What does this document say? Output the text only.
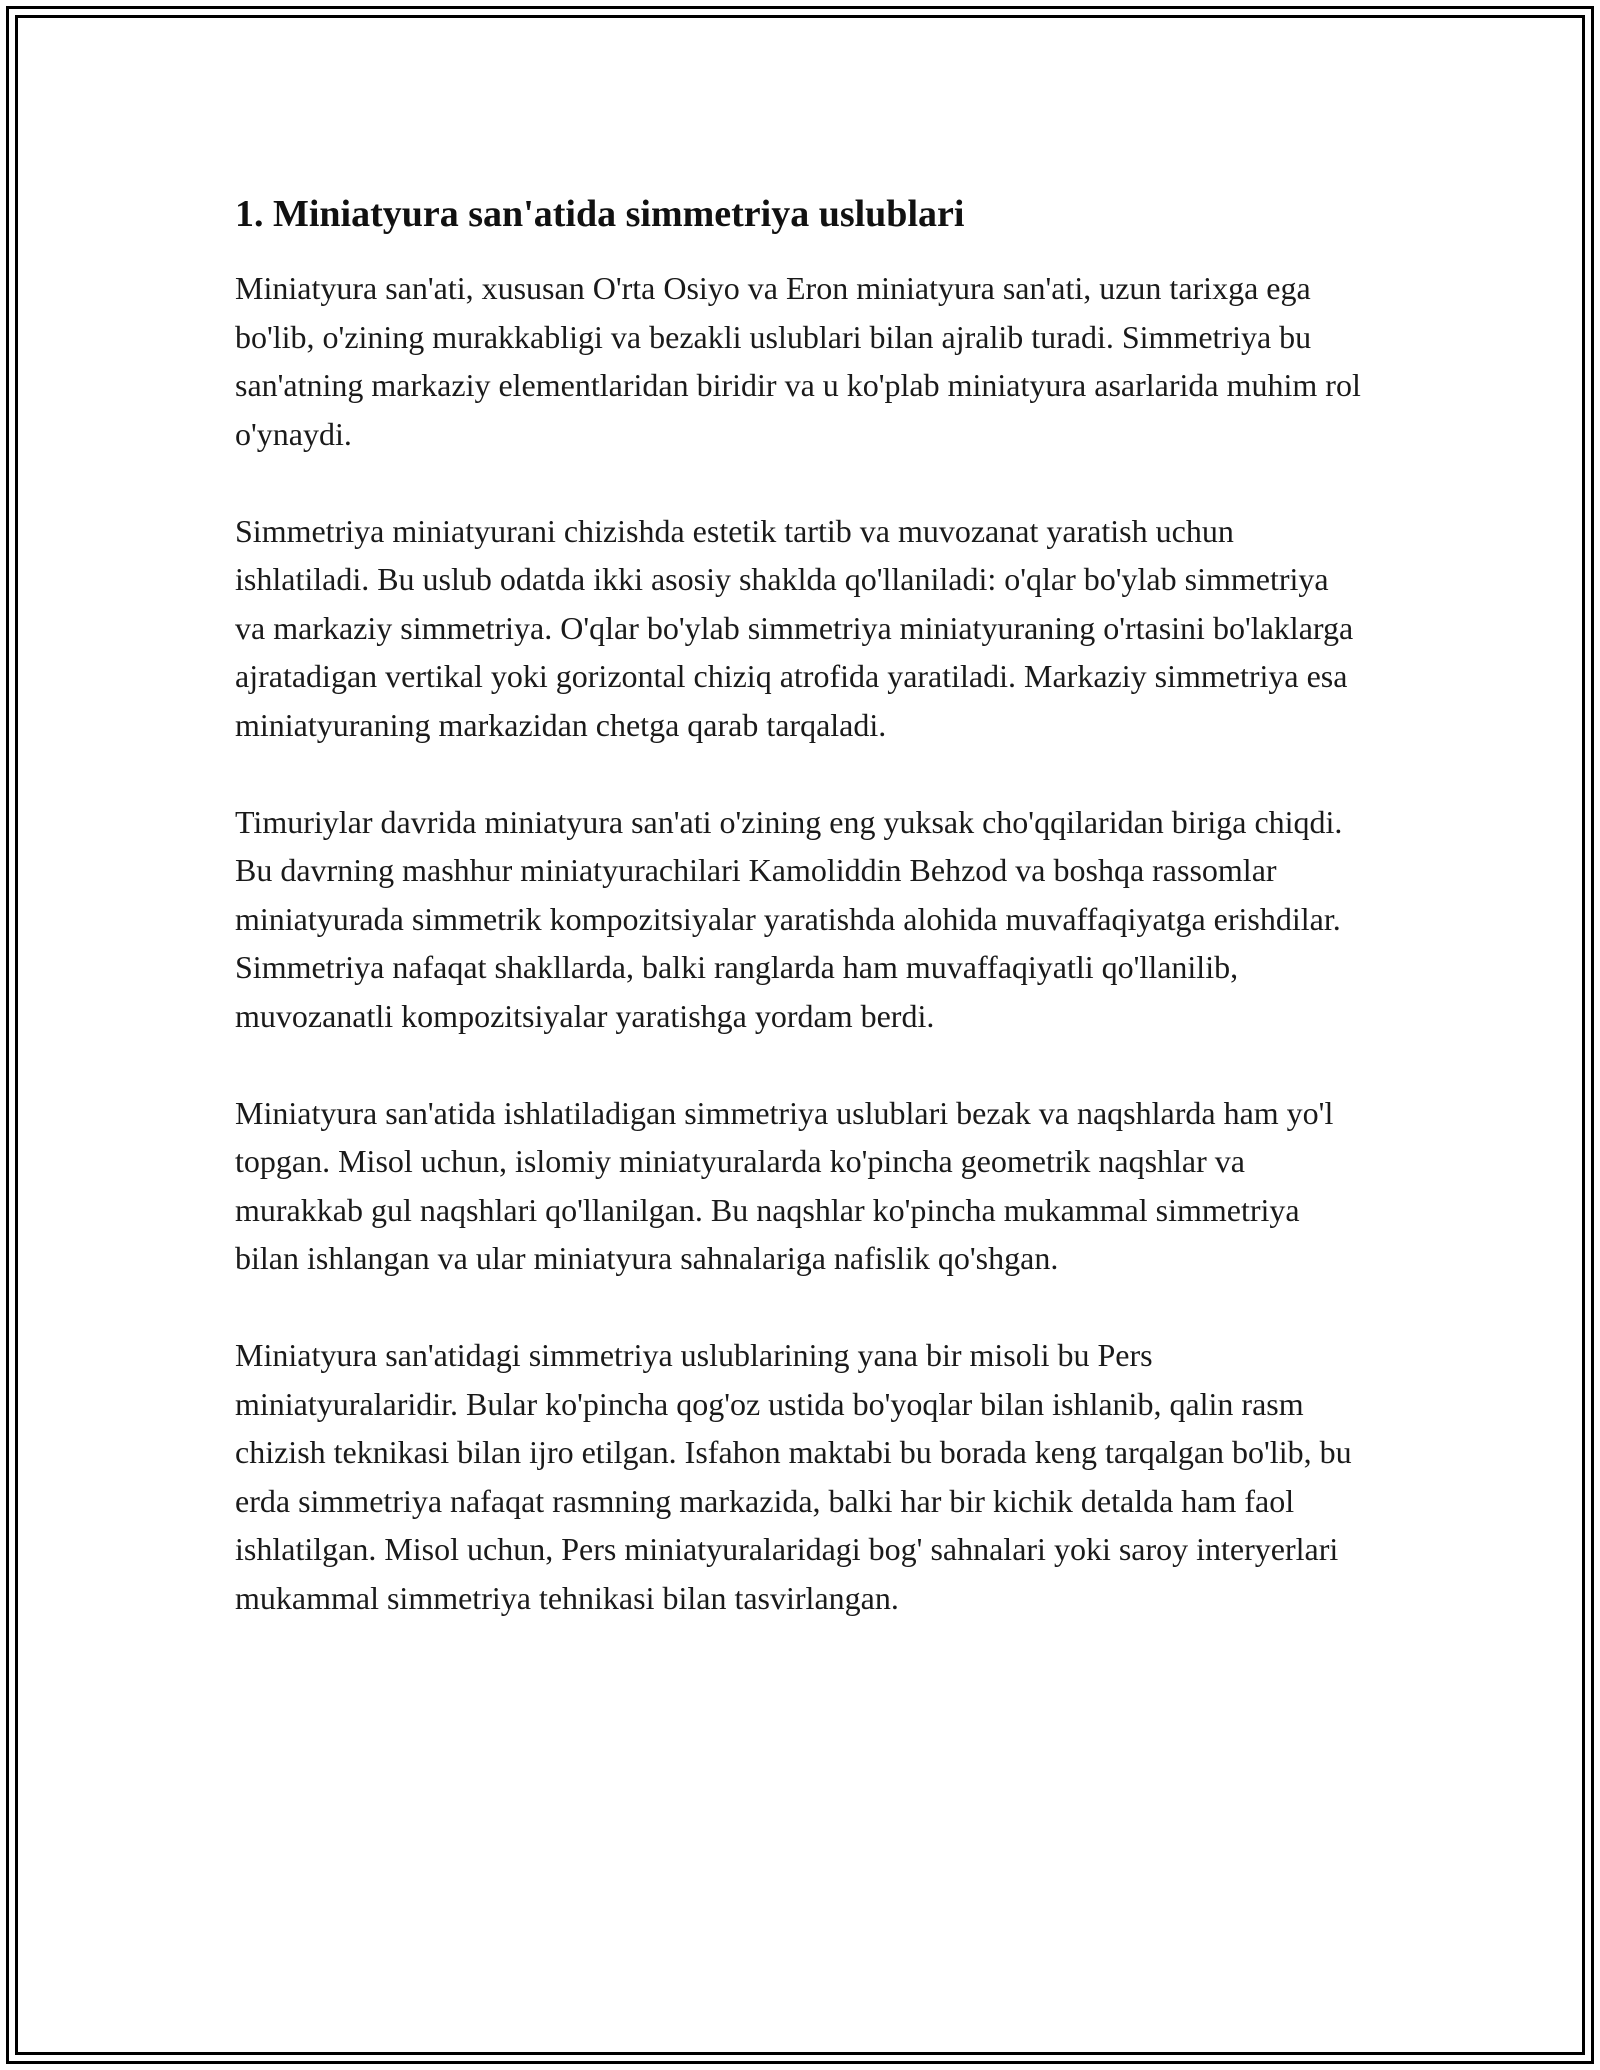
1. Miniatyura san'atida simmetriya uslublari

Miniatyura san'ati, xususan O'rta Osiyo va Eron miniatyura san'ati, uzun tarixga ega bo'lib, o'zining murakkabligi va bezakli uslublari bilan ajralib turadi. Simmetriya bu san'atning markaziy elementlaridan biridir va u ko'plab miniatyura asarlarida muhim rol o'ynaydi.

Simmetriya miniatyurani chizishda estetik tartib va muvozanat yaratish uchun ishlatiladi. Bu uslub odatda ikki asosiy shaklda qo'llaniladi: o'qlar bo'ylab simmetriya va markaziy simmetriya. O'qlar bo'ylab simmetriya miniatyuraning o'rtasini bo'laklarga ajratadigan vertikal yoki gorizontal chiziq atrofida yaratiladi. Markaziy simmetriya esa miniatyuraning markazidan chetga qarab tarqaladi.

Timuriylar davrida miniatyura san'ati o'zining eng yuksak cho'qqilaridan biriga chiqdi. Bu davrning mashhur miniatyurachilari Kamoliddin Behzod va boshqa rassomlar miniatyurada simmetrik kompozitsiyalar yaratishda alohida muvaffaqiyatga erishdilar. Simmetriya nafaqat shakllarda, balki ranglarda ham muvaffaqiyatli qo'llanilib, muvozanatli kompozitsiyalar yaratishga yordam berdi.

Miniatyura san'atida ishlatiladigan simmetriya uslublari bezak va naqshlarda ham yo'l topgan. Misol uchun, islomiy miniatyuralarda ko'pincha geometrik naqshlar va murakkab gul naqshlari qo'llanilgan. Bu naqshlar ko'pincha mukammal simmetriya bilan ishlangan va ular miniatyura sahnalariga nafislik qo'shgan.

Miniatyura san'atidagi simmetriya uslublarining yana bir misoli bu Pers miniatyuralaridir. Bular ko'pincha qog'oz ustida bo'yoqlar bilan ishlanib, qalin rasm chizish teknikasi bilan ijro etilgan. Isfahon maktabi bu borada keng tarqalgan bo'lib, bu erda simmetriya nafaqat rasmning markazida, balki har bir kichik detalda ham faol ishlatilgan. Misol uchun, Pers miniatyuralaridagi bog' sahnalari yoki saroy interyerlari mukammal simmetriya tehnikasi bilan tasvirlangan.
